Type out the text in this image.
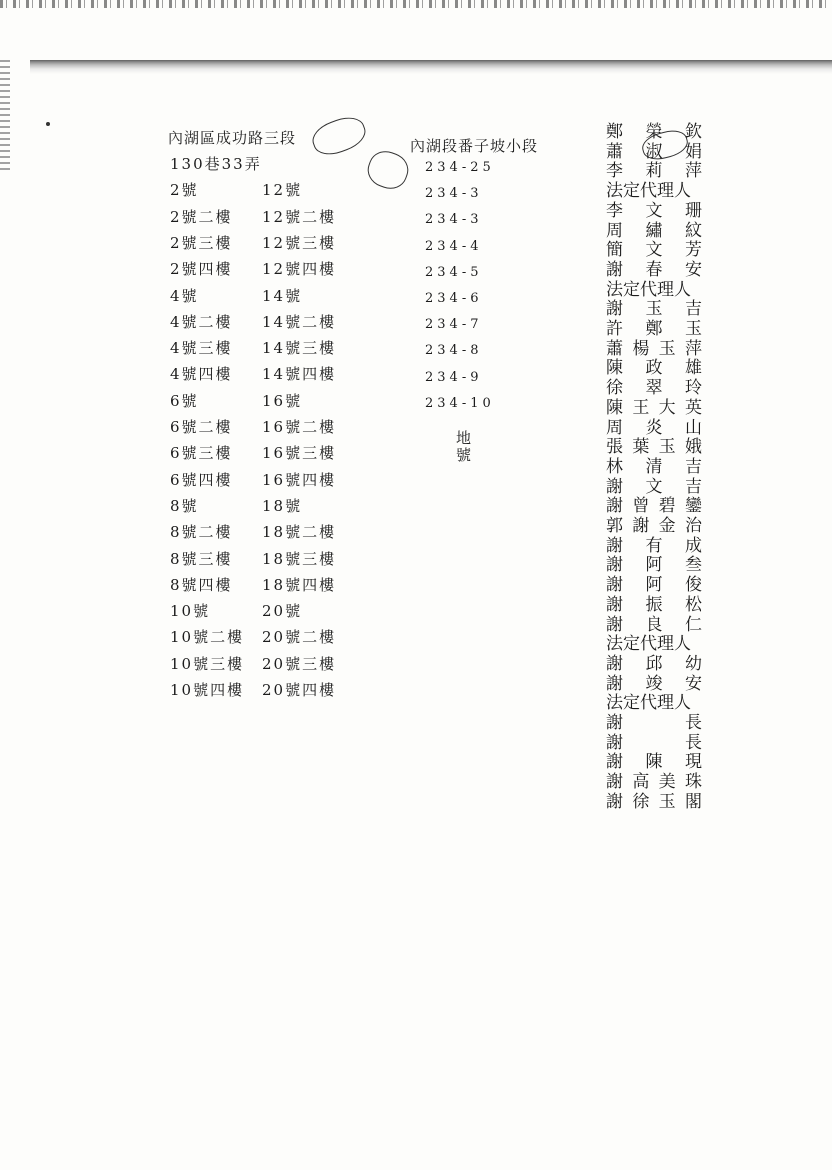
內湖區成功路三段
130巷33弄
2號	12號
2號二樓 12號二樓
2號三樓 12號三樓
2號四樓 12號四樓
4號	14號
4號二樓 14號二樓
4號三樓 14號三樓
4號四樓 14號四樓
6號	16號
6號二樓 16號二樓
6號三樓 16號三樓
6號四樓 16號四樓
8號	18號
8號二樓 18號二樓
8號三樓 18號三樓
8號四樓 18號四樓
10號	20號
10號二樓 20號二樓
10號三樓 20號三樓
10號四樓 20號四樓
內湖段番子坡小段
234-25
234-3
234-3
234-4
234-5
234-6
234-7
234-8
234-9
234-10
地號
鄭 榮 欽
蕭 淑 娟
李 莉 萍
法定代理人
李 文 珊
周 繡 紋
簡 文 芳
謝 春 安
法定代理人
謝 玉 吉
許 鄭 玉
蕭 楊 玉 萍
陳 政 雄
徐 翠 玲
陳 王 大 英
周 炎 山
張 葉 玉 娥
林 清 吉
謝 文 吉
謝 曾 碧 鑾
郭 謝 金 治
謝 有 成
謝 阿 叁
謝 阿 俊
謝 振 松
謝 良 仁
法定代理人
謝 邱 幼
謝 竣 安
法定代理人
謝	長
謝	長
謝 陳 現
謝 高 美 珠
謝 徐 玉 閣
